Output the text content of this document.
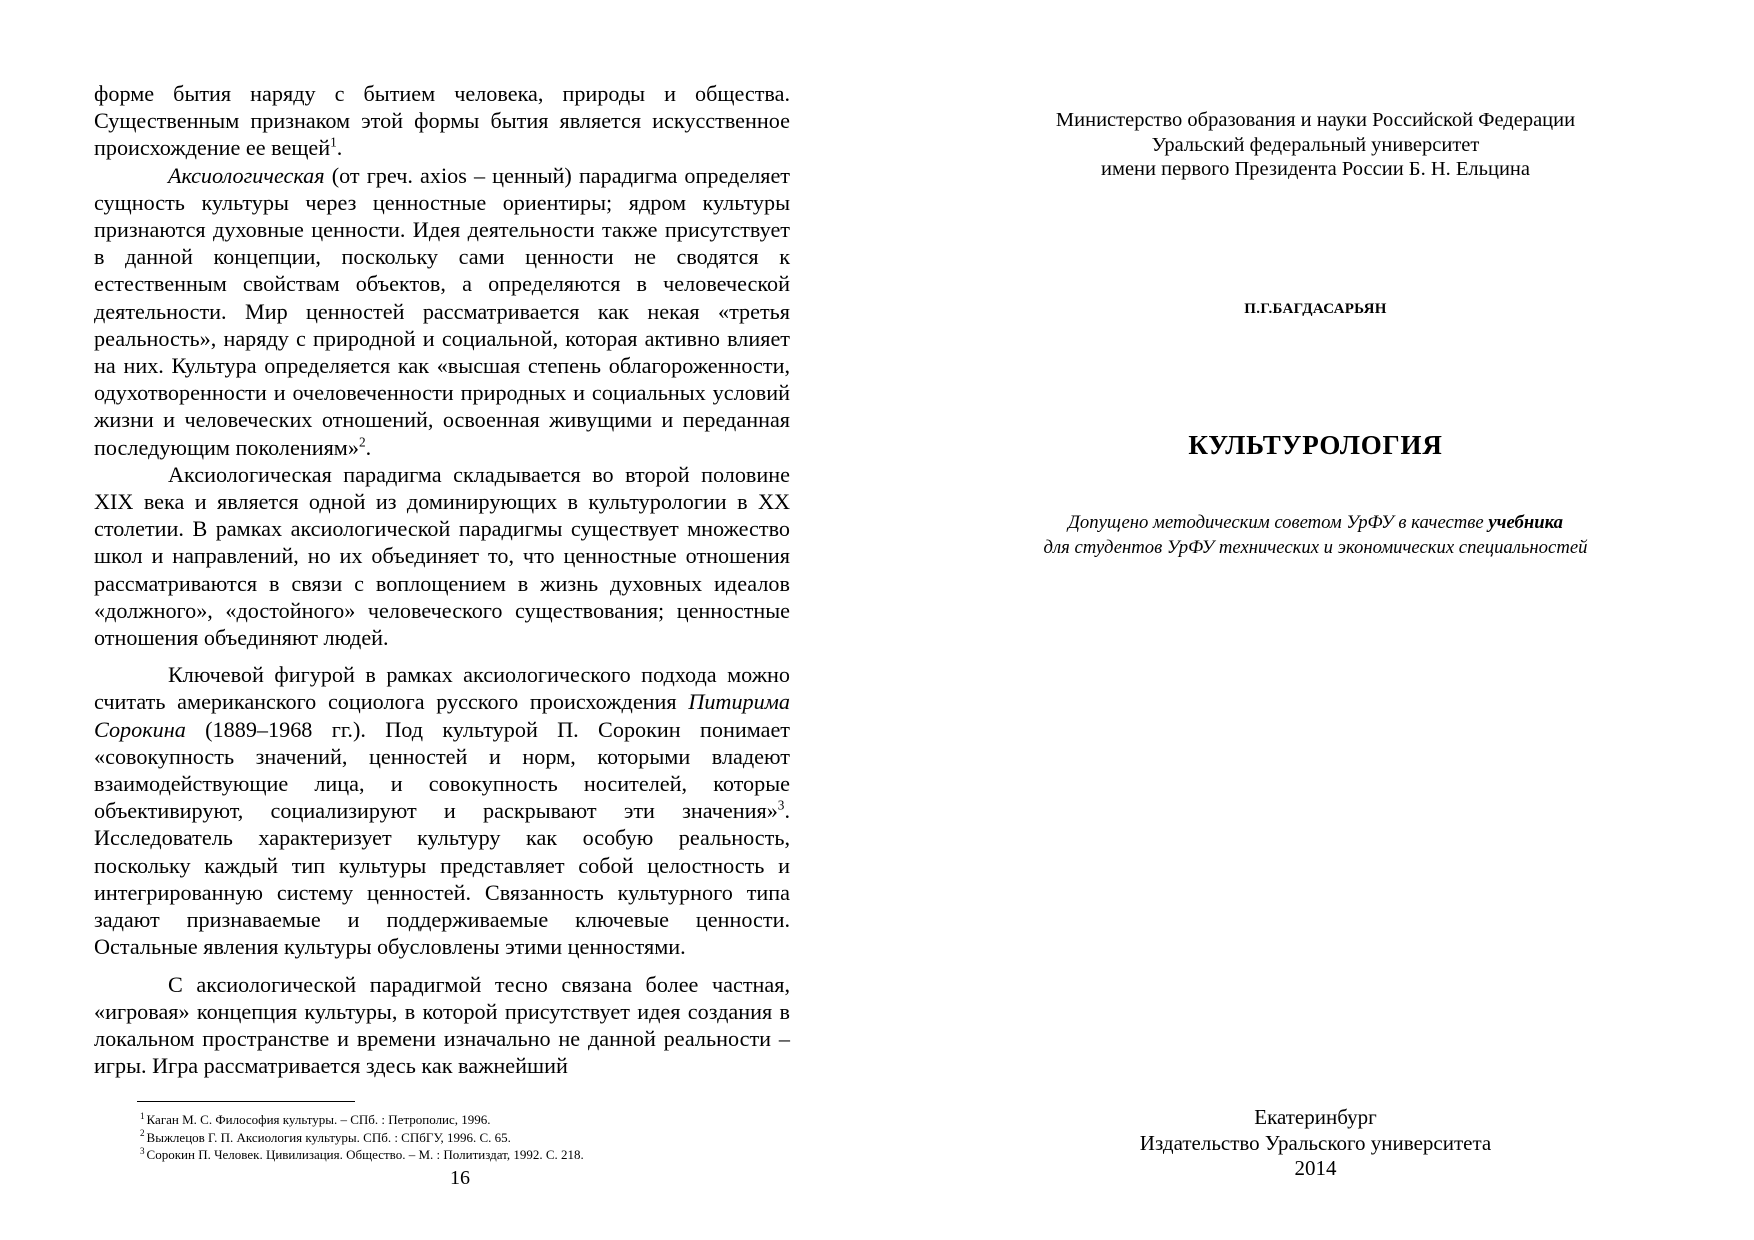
форме бытия наряду с бытием человека, природы и общества. Существенным признаком этой формы бытия является искусственное происхождение ее вещей$^1$.

Аксиологическая (от греч. axios – ценный) парадигма определяет сущность культуры через ценностные ориентиры; ядром культуры признаются духовные ценности. Идея деятельности также присутствует в данной концепции, поскольку сами ценности не сводятся к естественным свойствам объектов, а определяются в человеческой деятельности. Мир ценностей рассматривается как некая «третья реальность», наряду с природной и социальной, которая активно влияет на них. Культура определяется как «высшая степень облагороженности, одухотворенности и очеловеченности природных и социальных условий жизни и человеческих отношений, освоенная живущими и переданная последующим поколениям»$^2$.

Аксиологическая парадигма складывается во второй половине XIX века и является одной из доминирующих в культурологии в XX столетии. В рамках аксиологической парадигмы существует множество школ и направлений, но их объединяет то, что ценностные отношения рассматриваются в связи с воплощением в жизнь духовных идеалов «должного», «достойного» человеческого существования; ценностные отношения объединяют людей.

Ключевой фигурой в рамках аксиологического подхода можно считать американского социолога русского происхождения Питирима Сорокина (1889–1968 гг.). Под культурой П. Сорокин понимает «совокупность значений, ценностей и норм, которыми владеют взаимодействующие лица, и совокупность носителей, которые объективируют, социализируют и раскрывают эти значения»$^3$. Исследователь характеризует культуру как особую реальность, поскольку каждый тип культуры представляет собой целостность и интегрированную систему ценностей. Связанность культурного типа задают признаваемые и поддерживаемые ключевые ценности. Остальные явления культуры обусловлены этими ценностями.

С аксиологической парадигмой тесно связана более частная, «игровая» концепция культуры, в которой присутствует идея создания в локальном пространстве и времени изначально не данной реальности – игры. Игра рассматривается здесь как важнейший

$^1$ Каган М. С. Философия культуры. – СПб. : Петрополис, 1996.
$^2$ Выжлецов Г. П. Аксиология культуры. СПб. : СПбГУ, 1996. С. 65.
$^3$ Сорокин П. Человек. Цивилизация. Общество. – М. : Политиздат, 1992. С. 218.
16
Министерство образования и науки Российской Федерации
Уральский федеральный университет
имени первого Президента России Б. Н. Ельцина
П.Г.БАГДАСАРЬЯН
КУЛЬТУРОЛОГИЯ
Допущено методическим советом УрФУ в качестве учебника
для студентов УрФУ технических и экономических специальностей
Екатеринбург
Издательство Уральского университета
2014
